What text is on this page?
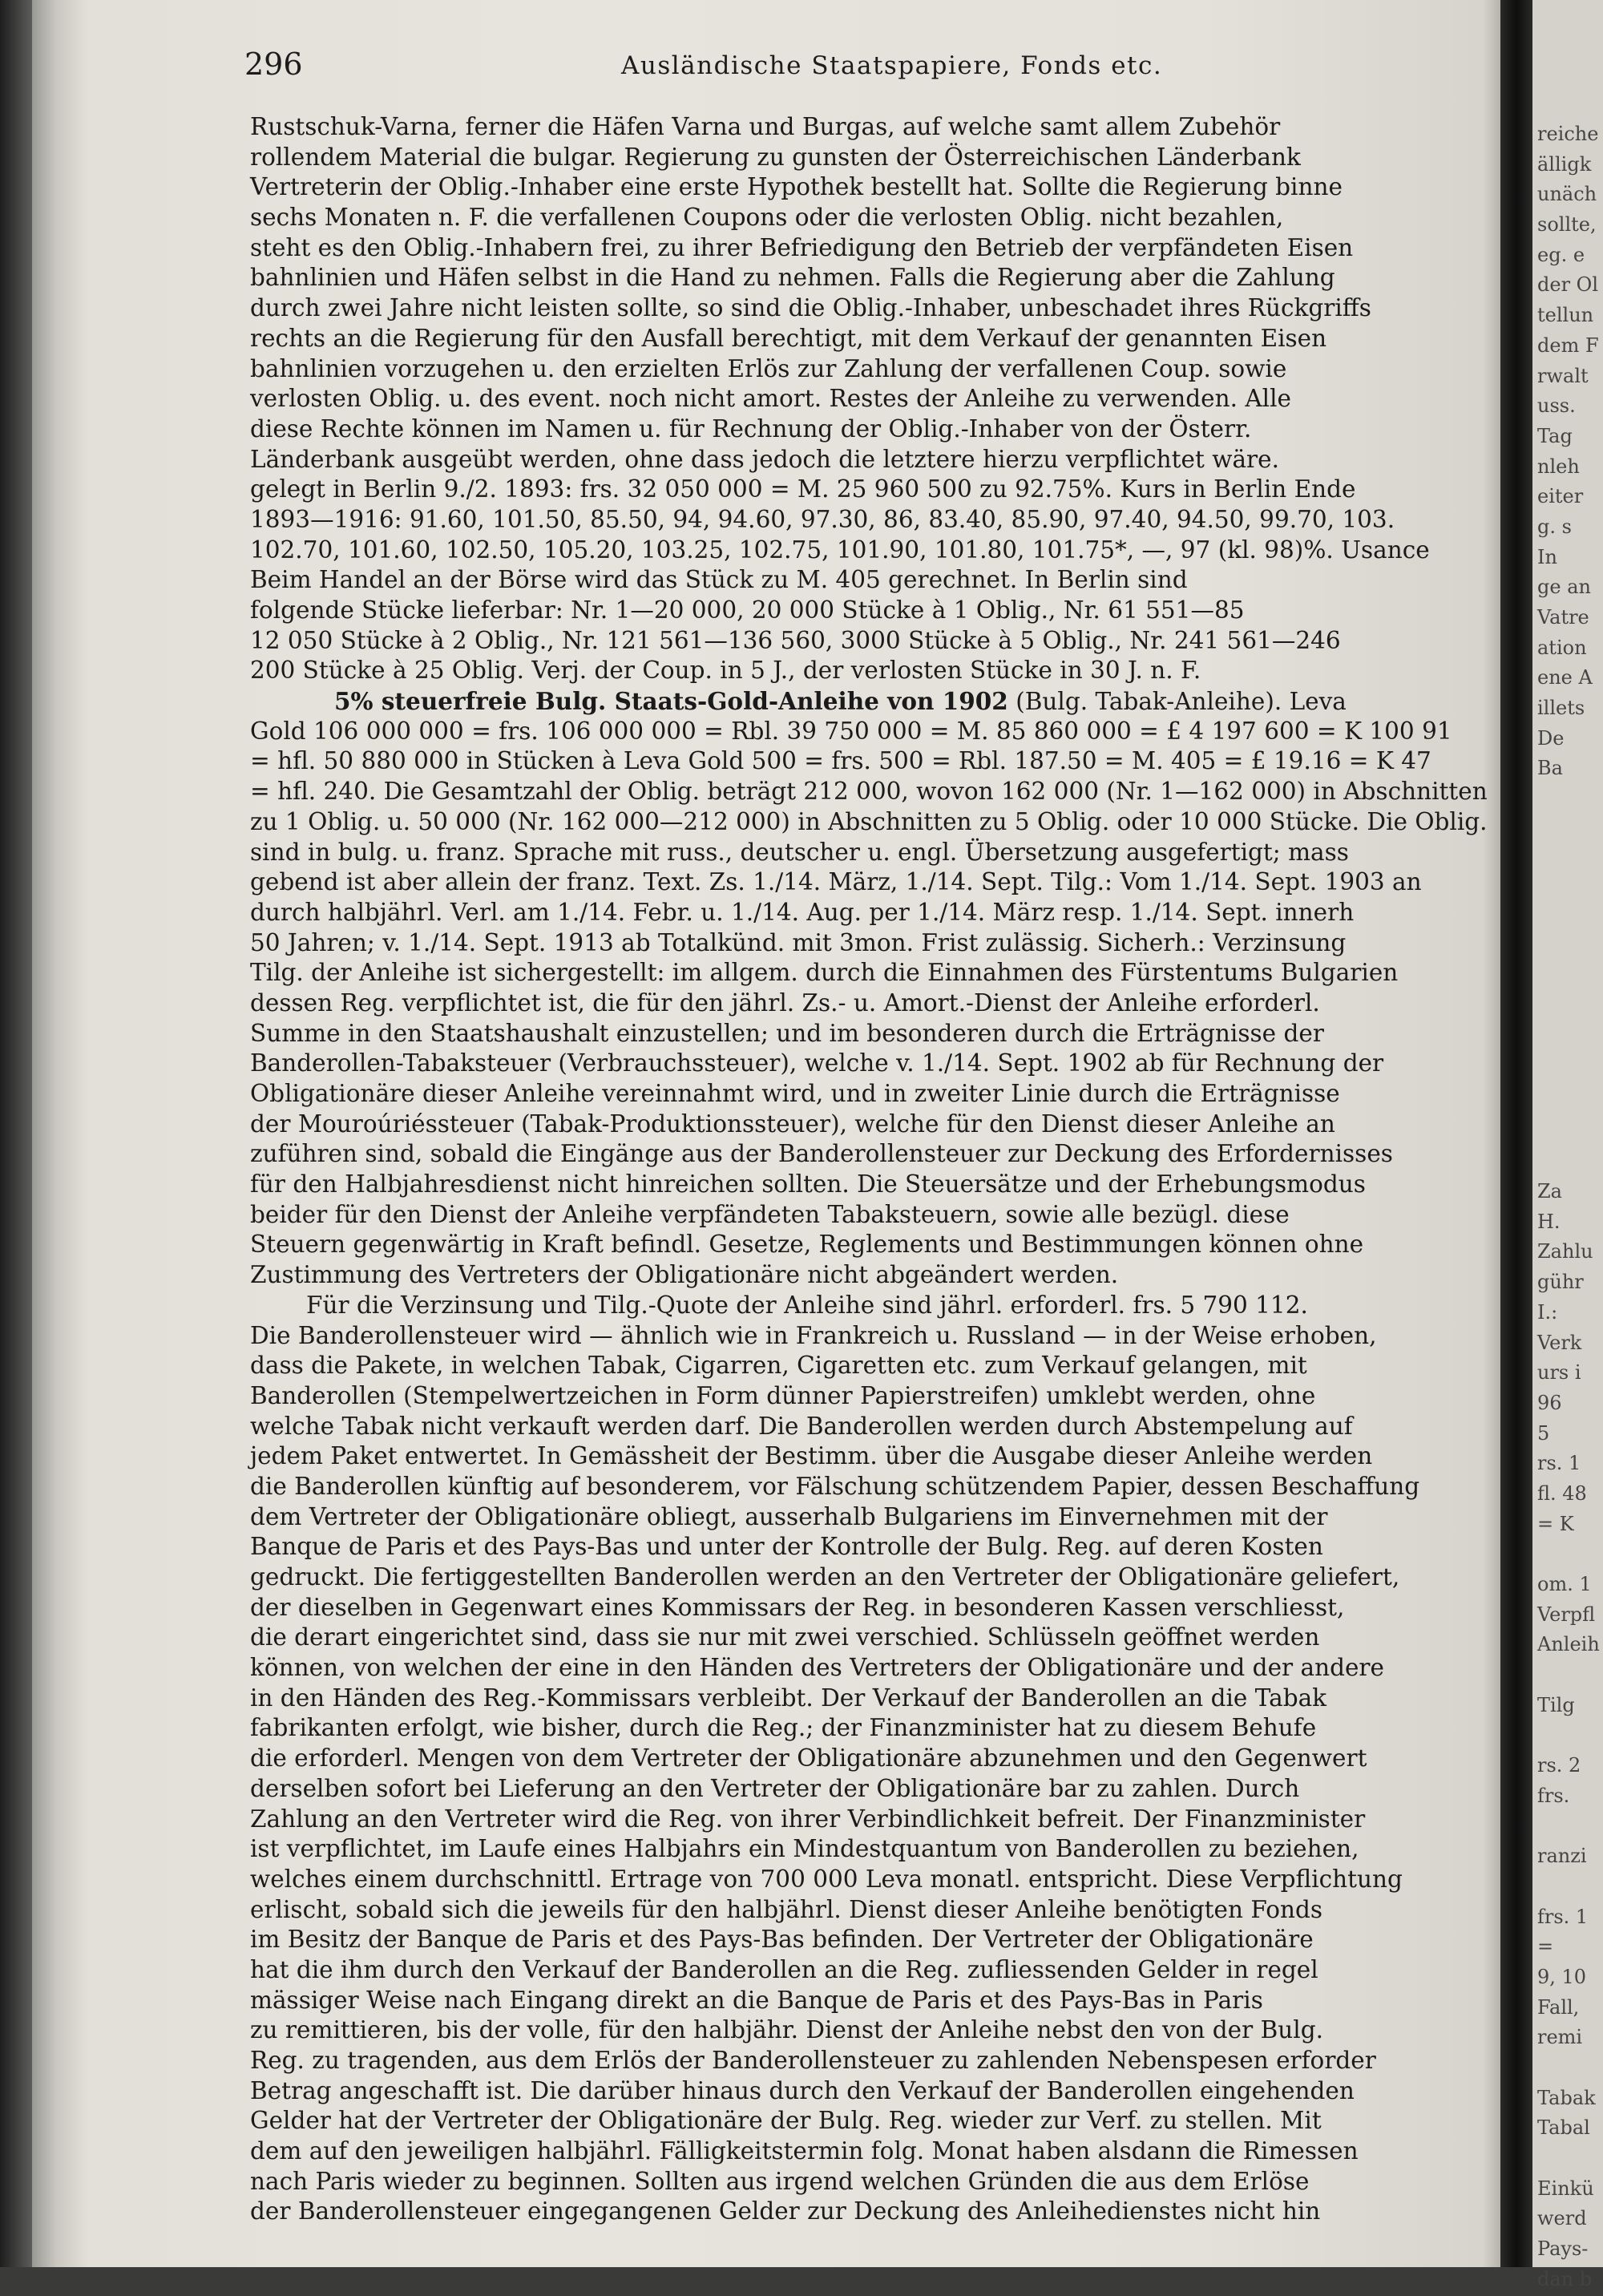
296	Ausländische Staatspapiere, Fonds etc.
Rustschuk-Varna, ferner die Häfen Varna und Burgas, auf welche samt allem Zubehör
rollendem Material die bulgar. Regierung zu gunsten der Österreichischen Länderbank
Vertreterin der Oblig.-Inhaber eine erste Hypothek bestellt hat. Sollte die Regierung binne
sechs Monaten n. F. die verfallenen Coupons oder die verlosten Oblig. nicht bezahlen,
steht es den Oblig.-Inhabern frei, zu ihrer Befriedigung den Betrieb der verpfändeten Eisen
bahnlinien und Häfen selbst in die Hand zu nehmen. Falls die Regierung aber die Zahlung
durch zwei Jahre nicht leisten sollte, so sind die Oblig.-Inhaber, unbeschadet ihres Rückgriffs
rechts an die Regierung für den Ausfall berechtigt, mit dem Verkauf der genannten Eisen
bahnlinien vorzugehen u. den erzielten Erlös zur Zahlung der verfallenen Coup. sowie
verlosten Oblig. u. des event. noch nicht amort. Restes der Anleihe zu verwenden. Alle
diese Rechte können im Namen u. für Rechnung der Oblig.-Inhaber von der Österr.
Länderbank ausgeübt werden, ohne dass jedoch die letztere hierzu verpflichtet wäre.
gelegt in Berlin 9./2. 1893: frs. 32 050 000 = M. 25 960 500 zu 92.75%. Kurs in Berlin Ende
1893—1916: 91.60, 101.50, 85.50, 94, 94.60, 97.30, 86, 83.40, 85.90, 97.40, 94.50, 99.70, 103.
102.70, 101.60, 102.50, 105.20, 103.25, 102.75, 101.90, 101.80, 101.75*, —, 97 (kl. 98)%. Usance
Beim Handel an der Börse wird das Stück zu M. 405 gerechnet. In Berlin sind
folgende Stücke lieferbar: Nr. 1—20 000, 20 000 Stücke à 1 Oblig., Nr. 61 551—85
12 050 Stücke à 2 Oblig., Nr. 121 561—136 560, 3000 Stücke à 5 Oblig., Nr. 241 561—246
200 Stücke à 25 Oblig. Verj. der Coup. in 5 J., der verlosten Stücke in 30 J. n. F.
5% steuerfreie Bulg. Staats-Gold-Anleihe von 1902 (Bulg. Tabak-Anleihe). Leva
Gold 106 000 000 = frs. 106 000 000 = Rbl. 39 750 000 = M. 85 860 000 = £ 4 197 600 = K 100 91
= hfl. 50 880 000 in Stücken à Leva Gold 500 = frs. 500 = Rbl. 187.50 = M. 405 = £ 19.16 = K 47
= hfl. 240. Die Gesamtzahl der Oblig. beträgt 212 000, wovon 162 000 (Nr. 1—162 000) in Abschnitten
zu 1 Oblig. u. 50 000 (Nr. 162 000—212 000) in Abschnitten zu 5 Oblig. oder 10 000 Stücke. Die Oblig.
sind in bulg. u. franz. Sprache mit russ., deutscher u. engl. Übersetzung ausgefertigt; mass
gebend ist aber allein der franz. Text. Zs. 1./14. März, 1./14. Sept. Tilg.: Vom 1./14. Sept. 1903 an
durch halbjährl. Verl. am 1./14. Febr. u. 1./14. Aug. per 1./14. März resp. 1./14. Sept. innerh
50 Jahren; v. 1./14. Sept. 1913 ab Totalkünd. mit 3mon. Frist zulässig. Sicherh.: Verzinsung
Tilg. der Anleihe ist sichergestellt: im allgem. durch die Einnahmen des Fürstentums Bulgarien
dessen Reg. verpflichtet ist, die für den jährl. Zs.- u. Amort.-Dienst der Anleihe erforderl.
Summe in den Staatshaushalt einzustellen; und im besonderen durch die Erträgnisse der
Banderollen-Tabaksteuer (Verbrauchssteuer), welche v. 1./14. Sept. 1902 ab für Rechnung der
Obligationäre dieser Anleihe vereinnahmt wird, und in zweiter Linie durch die Erträgnisse
der Mouroúriéssteuer (Tabak-Produktionssteuer), welche für den Dienst dieser Anleihe an
zuführen sind, sobald die Eingänge aus der Banderollensteuer zur Deckung des Erfordernisses
für den Halbjahresdienst nicht hinreichen sollten. Die Steuersätze und der Erhebungsmodus
beider für den Dienst der Anleihe verpfändeten Tabaksteuern, sowie alle bezügl. diese
Steuern gegenwärtig in Kraft befindl. Gesetze, Reglements und Bestimmungen können ohne
Zustimmung des Vertreters der Obligationäre nicht abgeändert werden.
Für die Verzinsung und Tilg.-Quote der Anleihe sind jährl. erforderl. frs. 5 790 112.
Die Banderollensteuer wird — ähnlich wie in Frankreich u. Russland — in der Weise erhoben,
dass die Pakete, in welchen Tabak, Cigarren, Cigaretten etc. zum Verkauf gelangen, mit
Banderollen (Stempelwertzeichen in Form dünner Papierstreifen) umklebt werden, ohne
welche Tabak nicht verkauft werden darf. Die Banderollen werden durch Abstempelung auf
jedem Paket entwertet. In Gemässheit der Bestimm. über die Ausgabe dieser Anleihe werden
die Banderollen künftig auf besonderem, vor Fälschung schützendem Papier, dessen Beschaffung
dem Vertreter der Obligationäre obliegt, ausserhalb Bulgariens im Einvernehmen mit der
Banque de Paris et des Pays-Bas und unter der Kontrolle der Bulg. Reg. auf deren Kosten
gedruckt. Die fertiggestellten Banderollen werden an den Vertreter der Obligationäre geliefert,
der dieselben in Gegenwart eines Kommissars der Reg. in besonderen Kassen verschliesst,
die derart eingerichtet sind, dass sie nur mit zwei verschied. Schlüsseln geöffnet werden
können, von welchen der eine in den Händen des Vertreters der Obligationäre und der andere
in den Händen des Reg.-Kommissars verbleibt. Der Verkauf der Banderollen an die Tabak
fabrikanten erfolgt, wie bisher, durch die Reg.; der Finanzminister hat zu diesem Behufe
die erforderl. Mengen von dem Vertreter der Obligationäre abzunehmen und den Gegenwert
derselben sofort bei Lieferung an den Vertreter der Obligationäre bar zu zahlen. Durch
Zahlung an den Vertreter wird die Reg. von ihrer Verbindlichkeit befreit. Der Finanzminister
ist verpflichtet, im Laufe eines Halbjahrs ein Mindestquantum von Banderollen zu beziehen,
welches einem durchschnittl. Ertrage von 700 000 Leva monatl. entspricht. Diese Verpflichtung
erlischt, sobald sich die jeweils für den halbjährl. Dienst dieser Anleihe benötigten Fonds
im Besitz der Banque de Paris et des Pays-Bas befinden. Der Vertreter der Obligationäre
hat die ihm durch den Verkauf der Banderollen an die Reg. zufliessenden Gelder in regel
mässiger Weise nach Eingang direkt an die Banque de Paris et des Pays-Bas in Paris
zu remittieren, bis der volle, für den halbjähr. Dienst der Anleihe nebst den von der Bulg.
Reg. zu tragenden, aus dem Erlös der Banderollensteuer zu zahlenden Nebenspesen erforder
Betrag angeschafft ist. Die darüber hinaus durch den Verkauf der Banderollen eingehenden
Gelder hat der Vertreter der Obligationäre der Bulg. Reg. wieder zur Verf. zu stellen. Mit
dem auf den jeweiligen halbjährl. Fälligkeitstermin folg. Monat haben alsdann die Rimessen
nach Paris wieder zu beginnen. Sollten aus irgend welchen Gründen die aus dem Erlöse
der Banderollensteuer eingegangenen Gelder zur Deckung des Anleihedienstes nicht hin
reiche
älligk
unäch
sollte,
eg. e
der Ol
tellun
dem F
rwalt
uss.
Tag
nleh
eiter
g. s
In
ge an
Vatre
ation
ene A
illets
De
Ba
Za
H.
Zahlu
gühr
I.:
Verk
urs i
96
5
rs. 1
fl. 48
= K
om. 1
Verpfl
Anleih
Tilg
rs. 2
frs.
ranzi
frs. 1
=
9, 10
Fall,
remi
Tabak
Tabal
Einkü
werd
Pays-
dan b
